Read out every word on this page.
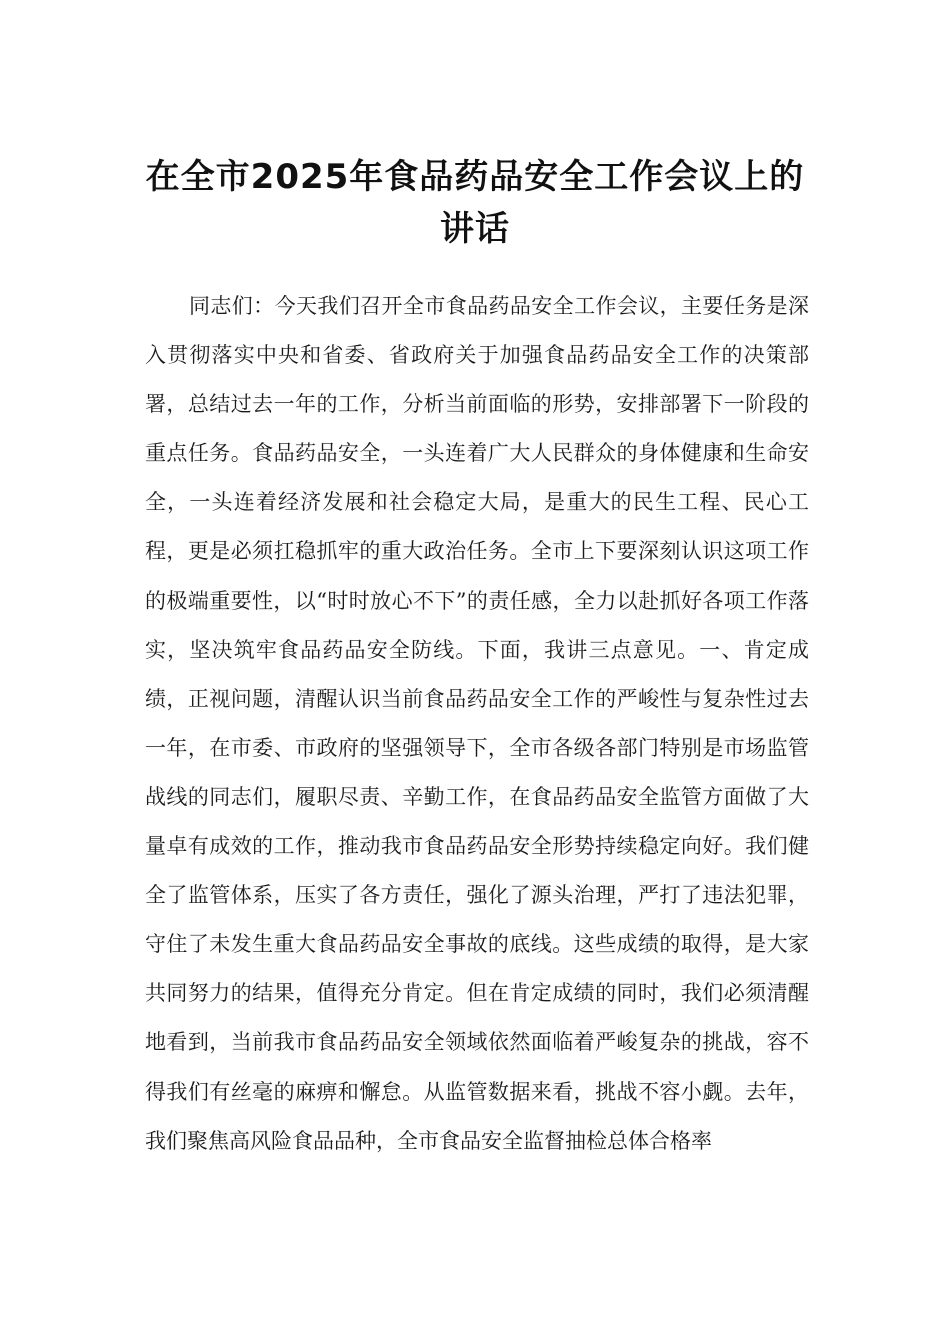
在全市2025年食品药品安全工作会议上的讲话

同志们：今天我们召开全市食品药品安全工作会议，主要任务是深入贯彻落实中央和省委、省政府关于加强食品药品安全工作的决策部署，总结过去一年的工作，分析当前面临的形势，安排部署下一阶段的重点任务。食品药品安全，一头连着广大人民群众的身体健康和生命安全，一头连着经济发展和社会稳定大局，是重大的民生工程、民心工程，更是必须扛稳抓牢的重大政治任务。全市上下要深刻认识这项工作的极端重要性，以“时时放心不下”的责任感，全力以赴抓好各项工作落实，坚决筑牢食品药品安全防线。下面，我讲三点意见。一、肯定成绩，正视问题，清醒认识当前食品药品安全工作的严峻性与复杂性过去一年，在市委、市政府的坚强领导下，全市各级各部门特别是市场监管战线的同志们，履职尽责、辛勤工作，在食品药品安全监管方面做了大量卓有成效的工作，推动我市食品药品安全形势持续稳定向好。我们健全了监管体系，压实了各方责任，强化了源头治理，严打了违法犯罪，守住了未发生重大食品药品安全事故的底线。这些成绩的取得，是大家共同努力的结果，值得充分肯定。但在肯定成绩的同时，我们必须清醒地看到，当前我市食品药品安全领域依然面临着严峻复杂的挑战，容不得我们有丝毫的麻痹和懈怠。从监管数据来看，挑战不容小觑。去年，我们聚焦高风险食品品种，全市食品安全监督抽检总体合格率
